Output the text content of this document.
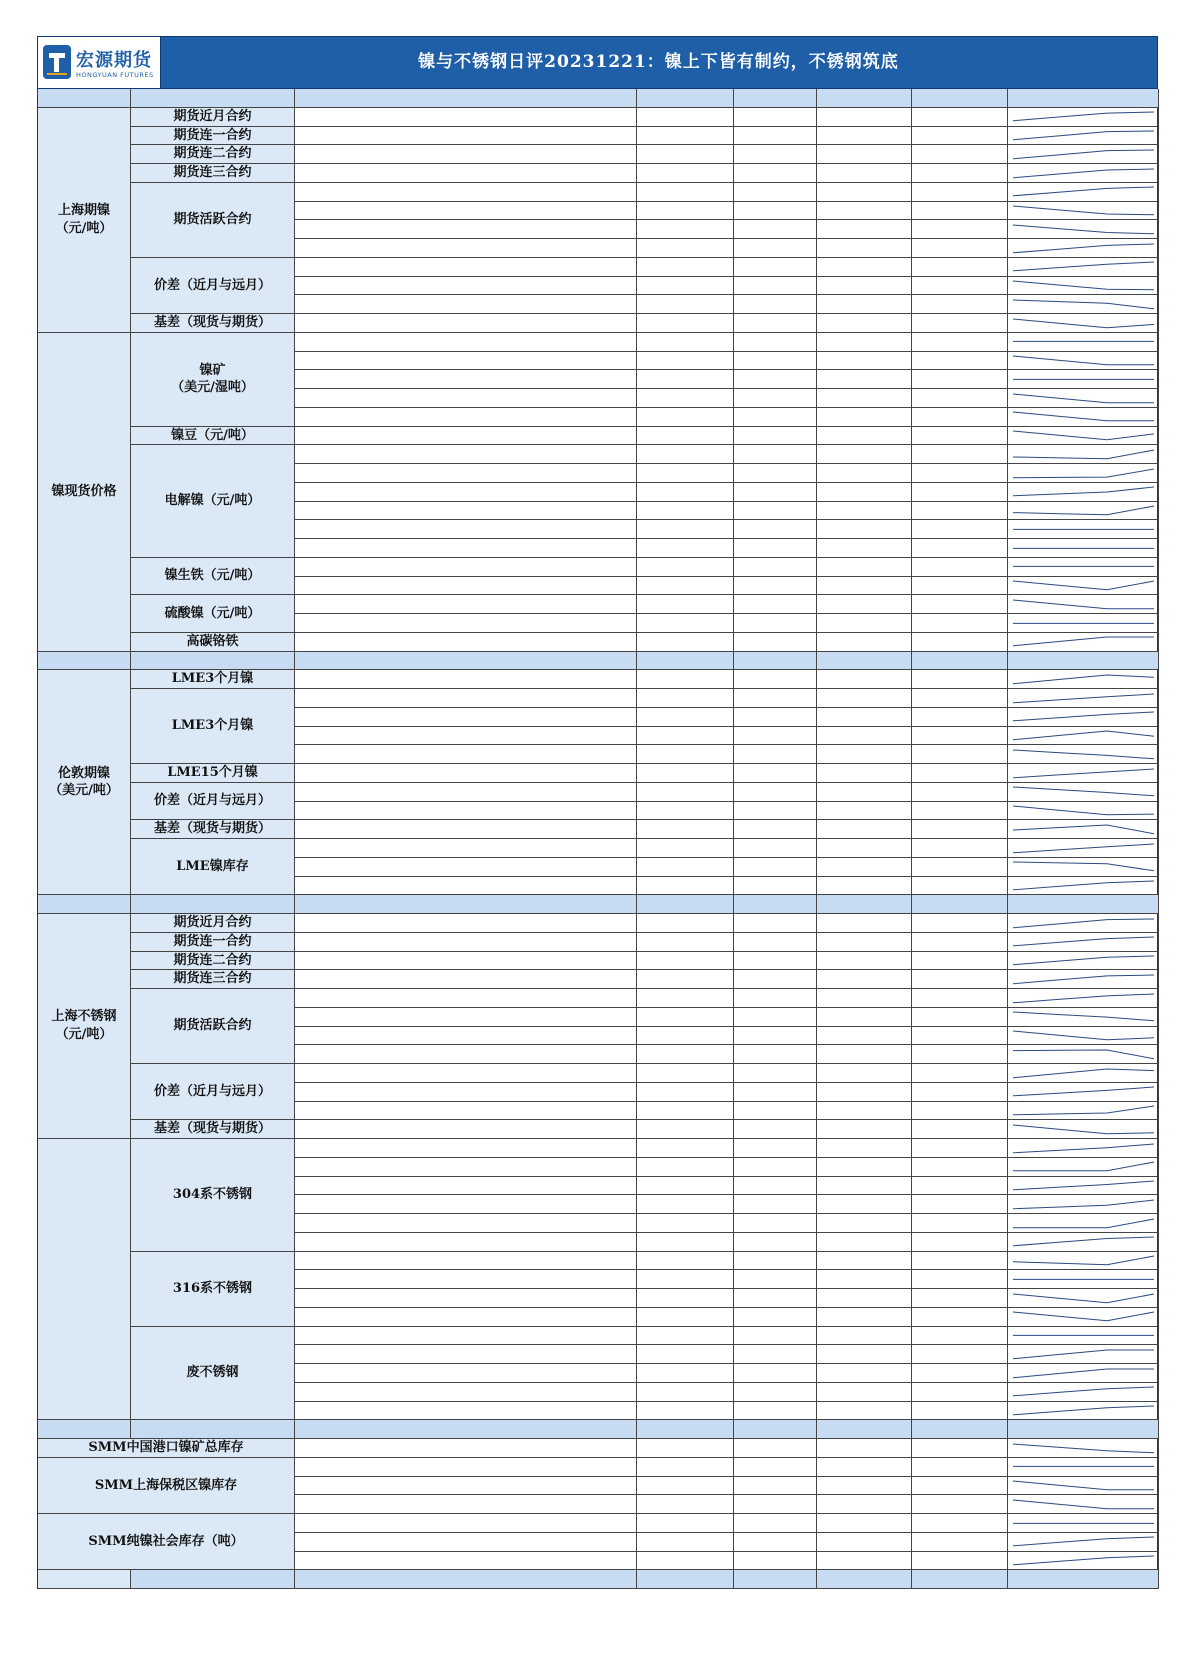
宏源期货
HONGYUAN FUTURES
镍与不锈钢日评20231221：镍上下皆有制约，不锈钢筑底
上海期镍
（元/吨）
期货近月合约
期货连一合约
期货连二合约
期货连三合约
期货活跃合约
价差（近月与远月）
基差（现货与期货）
镍现货价格
镍矿
（美元/湿吨）
镍豆（元/吨）
电解镍（元/吨）
镍生铁（元/吨）
硫酸镍（元/吨）
高碳铬铁
伦敦期镍
（美元/吨）
LME3个月镍
LME3个月镍
LME15个月镍
价差（近月与远月）
基差（现货与期货）
LME镍库存
上海不锈钢
（元/吨）
期货近月合约
期货连一合约
期货连二合约
期货连三合约
期货活跃合约
价差（近月与远月）
基差（现货与期货）
304系不锈钢
316系不锈钢
废不锈钢
SMM中国港口镍矿总库存
SMM上海保税区镍库存
SMM纯镍社会库存（吨）
